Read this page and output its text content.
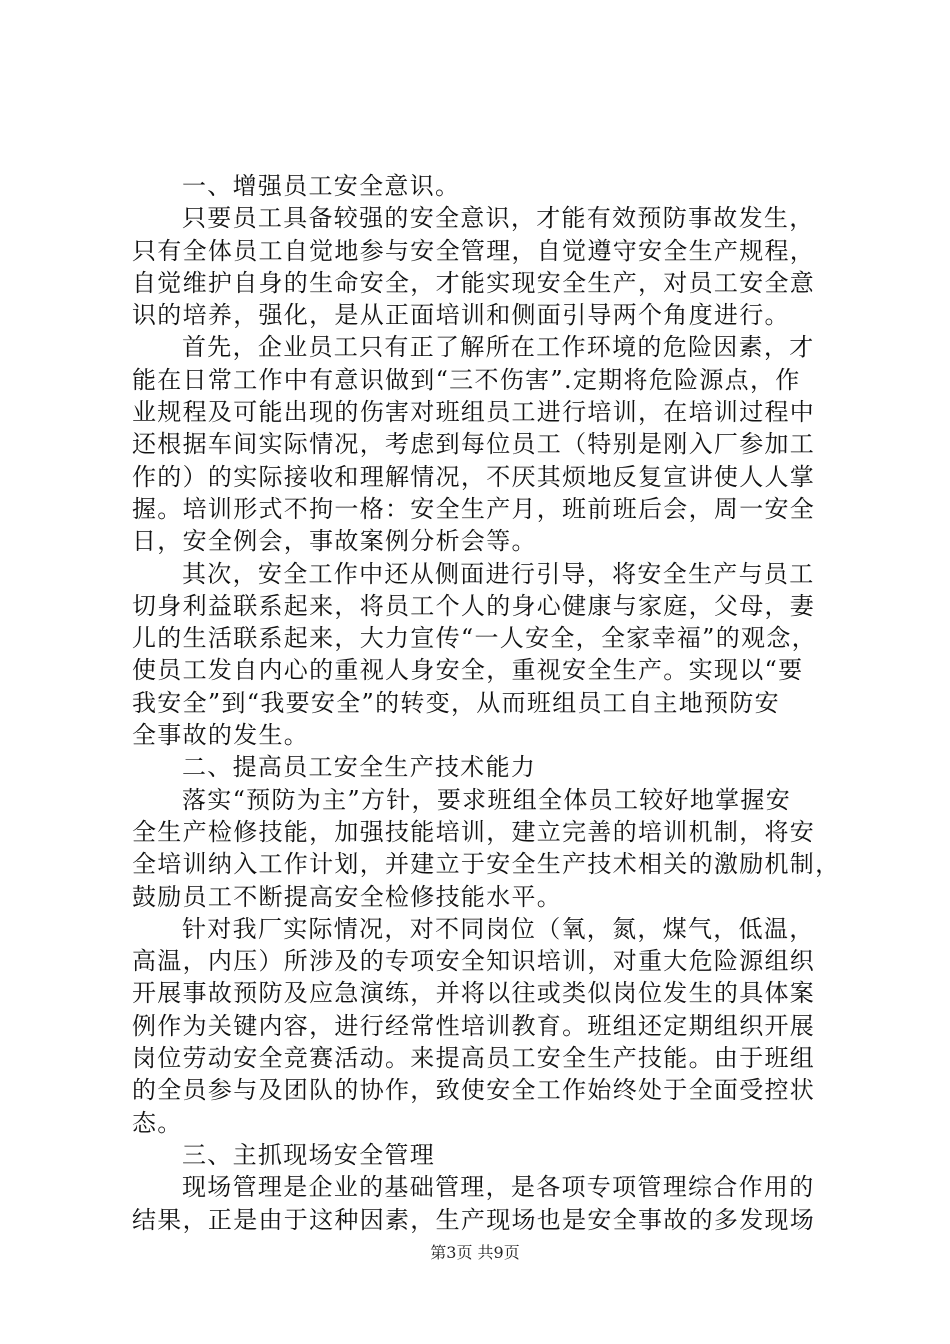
一、增强员工安全意识。
只要员工具备较强的安全意识，才能有效预防事故发生，
只有全体员工自觉地参与安全管理，自觉遵守安全生产规程，
自觉维护自身的生命安全，才能实现安全生产，对员工安全意
识的培养，强化，是从正面培训和侧面引导两个角度进行。
首先，企业员工只有正了解所在工作环境的危险因素，才
能在日常工作中有意识做到“三不伤害”.定期将危险源点，作
业规程及可能出现的伤害对班组员工进行培训，在培训过程中
还根据车间实际情况，考虑到每位员工（特别是刚入厂参加工
作的）的实际接收和理解情况，不厌其烦地反复宣讲使人人掌
握。培训形式不拘一格：安全生产月，班前班后会，周一安全
日，安全例会，事故案例分析会等。
其次，安全工作中还从侧面进行引导，将安全生产与员工
切身利益联系起来，将员工个人的身心健康与家庭，父母，妻
儿的生活联系起来，大力宣传“一人安全，全家幸福”的观念，
使员工发自内心的重视人身安全，重视安全生产。实现以“要
我安全”到“我要安全”的转变，从而班组员工自主地预防安
全事故的发生。
二、提高员工安全生产技术能力
落实“预防为主”方针，要求班组全体员工较好地掌握安
全生产检修技能，加强技能培训，建立完善的培训机制，将安
全培训纳入工作计划，并建立于安全生产技术相关的激励机制，
鼓励员工不断提高安全检修技能水平。
针对我厂实际情况，对不同岗位（氧，氮，煤气，低温，
高温，内压）所涉及的专项安全知识培训，对重大危险源组织
开展事故预防及应急演练，并将以往或类似岗位发生的具体案
例作为关键内容，进行经常性培训教育。班组还定期组织开展
岗位劳动安全竞赛活动。来提高员工安全生产技能。由于班组
的全员参与及团队的协作，致使安全工作始终处于全面受控状
态。
三、主抓现场安全管理
现场管理是企业的基础管理，是各项专项管理综合作用的
结果，正是由于这种因素，生产现场也是安全事故的多发现场
第3页 共9页
